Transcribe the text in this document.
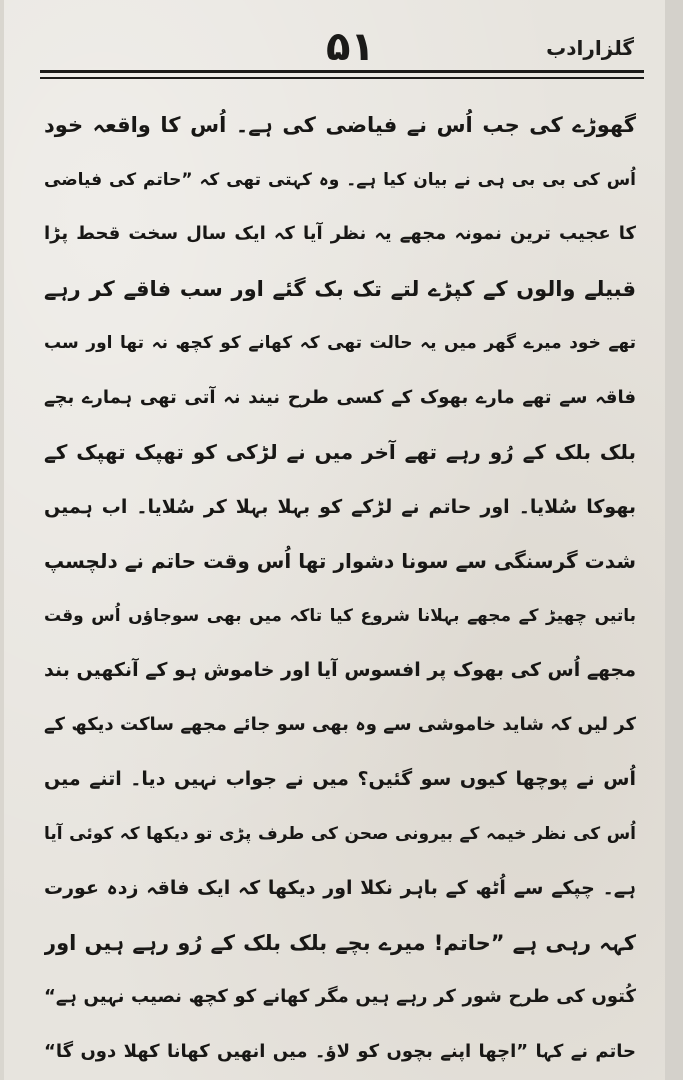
گلزارادب
۵۱
گھوڑے کی جب اُس نے فیاضی کی ہے۔ اُس کا واقعہ خود
اُس کی بی بی ہی نے بیان کیا ہے۔ وہ کہتی تھی کہ ”حاتم کی فیاضی
کا عجیب ترین نمونہ مجھے یہ نظر آیا کہ ایک سال سخت قحط پڑا
قبیلے والوں کے کپڑے لتے تک بک گئے اور سب فاقے کر رہے
تھے خود میرے گھر میں یہ حالت تھی کہ کھانے کو کچھ نہ تھا اور سب
فاقہ سے تھے مارے بھوک کے کسی طرح نیند نہ آتی تھی ہمارے بچے
بلک بلک کے رُو رہے تھے آخر میں نے لڑکی کو تھپک تھپک کے
بھوکا سُلایا۔ اور حاتم نے لڑکے کو بہلا بہلا کر سُلایا۔ اب ہمیں
شدت گرسنگی سے سونا دشوار تھا اُس وقت حاتم نے دلچسپ
باتیں چھیڑ کے مجھے بہلانا شروع کیا تاکہ میں بھی سوجاؤں اُس وقت
مجھے اُس کی بھوک پر افسوس آیا اور خاموش ہو کے آنکھیں بند
کر لیں کہ شاید خاموشی سے وہ بھی سو جائے مجھے ساکت دیکھ کے
اُس نے پوچھا کیوں سو گئیں؟ میں نے جواب نہیں دیا۔ اتنے میں
اُس کی نظر خیمہ کے بیرونی صحن کی طرف پڑی تو دیکھا کہ کوئی آیا
ہے۔ چپکے سے اُٹھ کے باہر نکلا اور دیکھا کہ ایک فاقہ زدہ عورت
کہہ رہی ہے ”حاتم! میرے بچے بلک بلک کے رُو رہے ہیں اور
کُتوں کی طرح شور کر رہے ہیں مگر کھانے کو کچھ نصیب نہیں ہے“
حاتم نے کہا ”اچھا اپنے بچوں کو لاؤ۔ میں انھیں کھانا کھلا دوں گا“
